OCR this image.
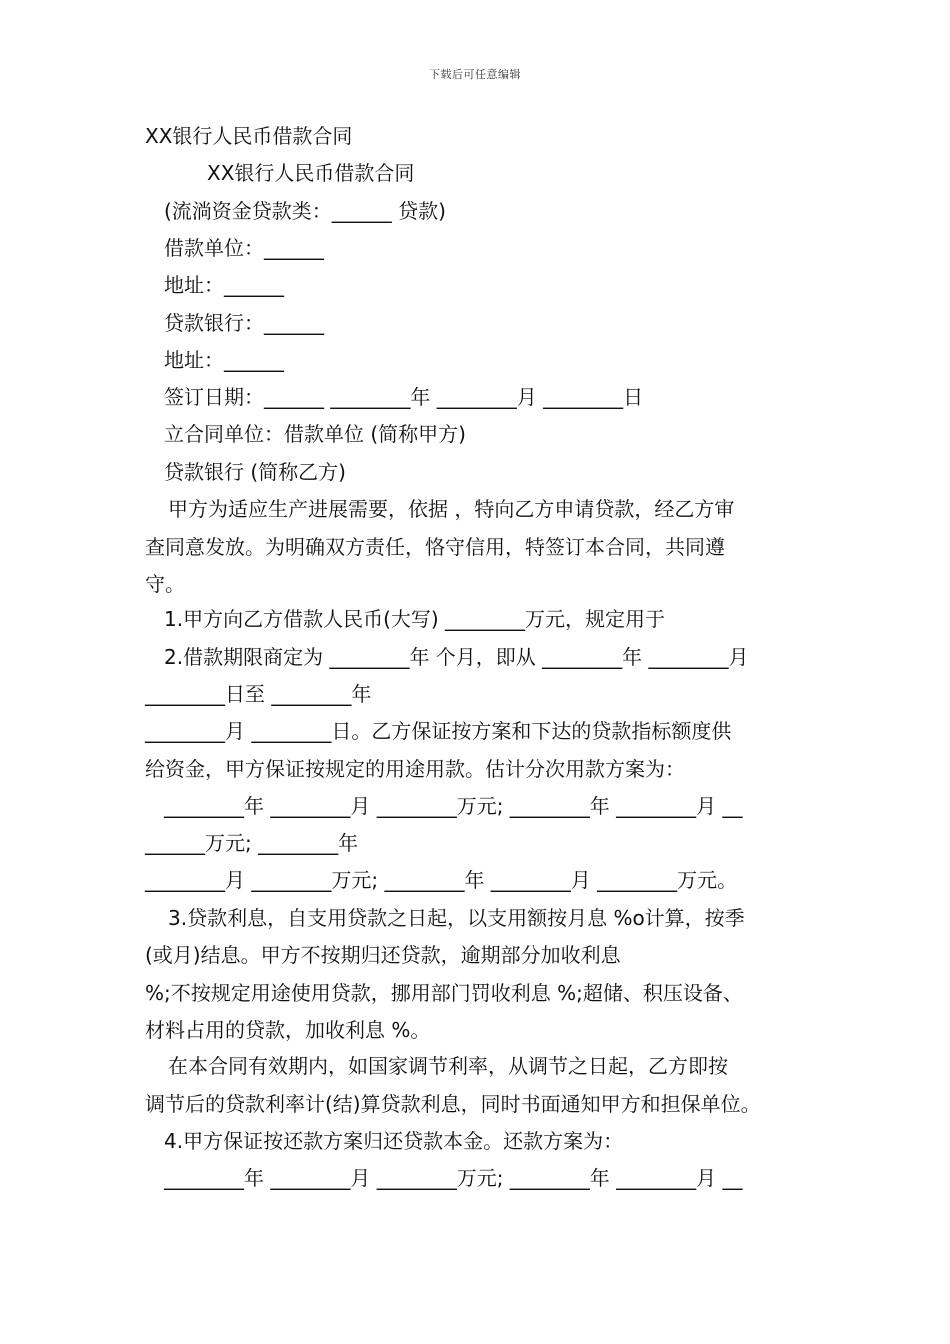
下载后可任意编辑
XX银行人民币借款合同
XX银行人民币借款合同
(流淌资金贷款类：______ 贷款)
借款单位：______
地址：______
贷款银行：______
地址：______
签订日期：______ ________年 ________月 ________日
立合同单位：借款单位 (简称甲方)
贷款银行 (简称乙方)
甲方为适应生产进展需要，依据 ，特向乙方申请贷款，经乙方审
查同意发放。为明确双方责任，恪守信用，特签订本合同，共同遵
守。
1.甲方向乙方借款人民币(大写) ________万元，规定用于
2.借款期限商定为 ________年 个月，即从 ________年 ________月
________日至 ________年
________月 ________日。乙方保证按方案和下达的贷款指标额度供
给资金，甲方保证按规定的用途用款。估计分次用款方案为：
________年 ________月 ________万元; ________年 ________月 __
______万元; ________年
________月 ________万元; ________年 ________月 ________万元。
3.贷款利息，自支用贷款之日起，以支用额按月息 %o计算，按季
(或月)结息。甲方不按期归还贷款，逾期部分加收利息
%;不按规定用途使用贷款，挪用部门罚收利息 %;超储、积压设备、
材料占用的贷款，加收利息 %。
在本合同有效期内，如国家调节利率，从调节之日起，乙方即按
调节后的贷款利率计(结)算贷款利息，同时书面通知甲方和担保单位。
4.甲方保证按还款方案归还贷款本金。还款方案为：
________年 ________月 ________万元; ________年 ________月 __
